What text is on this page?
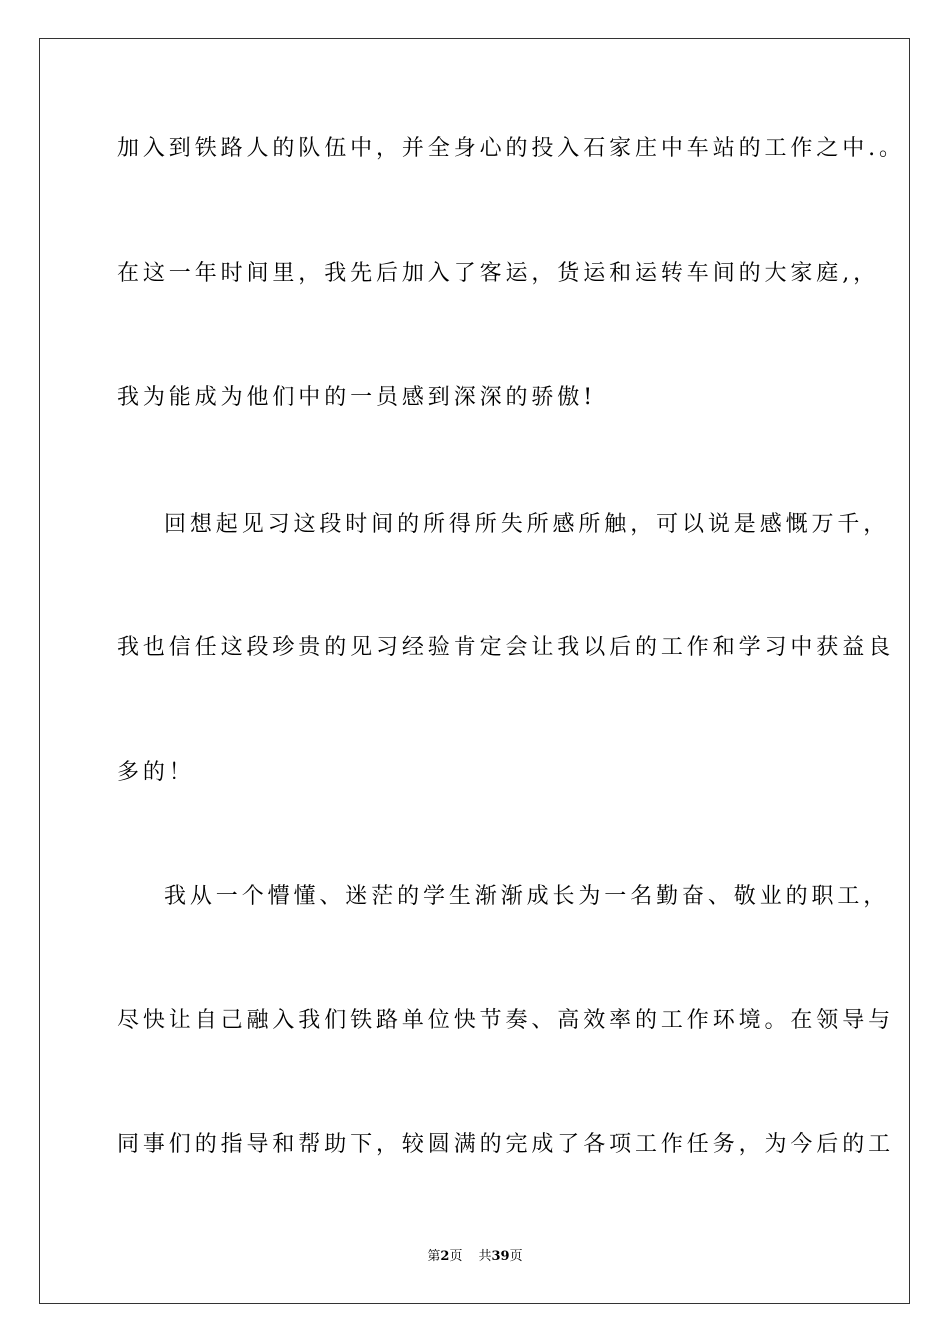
加入到铁路人的队伍中，并全身心的投入石家庄中车站的工作之中.。
在这一年时间里，我先后加入了客运，货运和运转车间的大家庭,，
我为能成为他们中的一员感到深深的骄傲!
回想起见习这段时间的所得所失所感所触，可以说是感慨万千，
我也信任这段珍贵的见习经验肯定会让我以后的工作和学习中获益良
多的！
我从一个懵懂、迷茫的学生渐渐成长为一名勤奋、敬业的职工，
尽快让自己融入我们铁路单位快节奏、高效率的工作环境。在领导与
同事们的指导和帮助下，较圆满的完成了各项工作任务，为今后的工
第2页 共39页
